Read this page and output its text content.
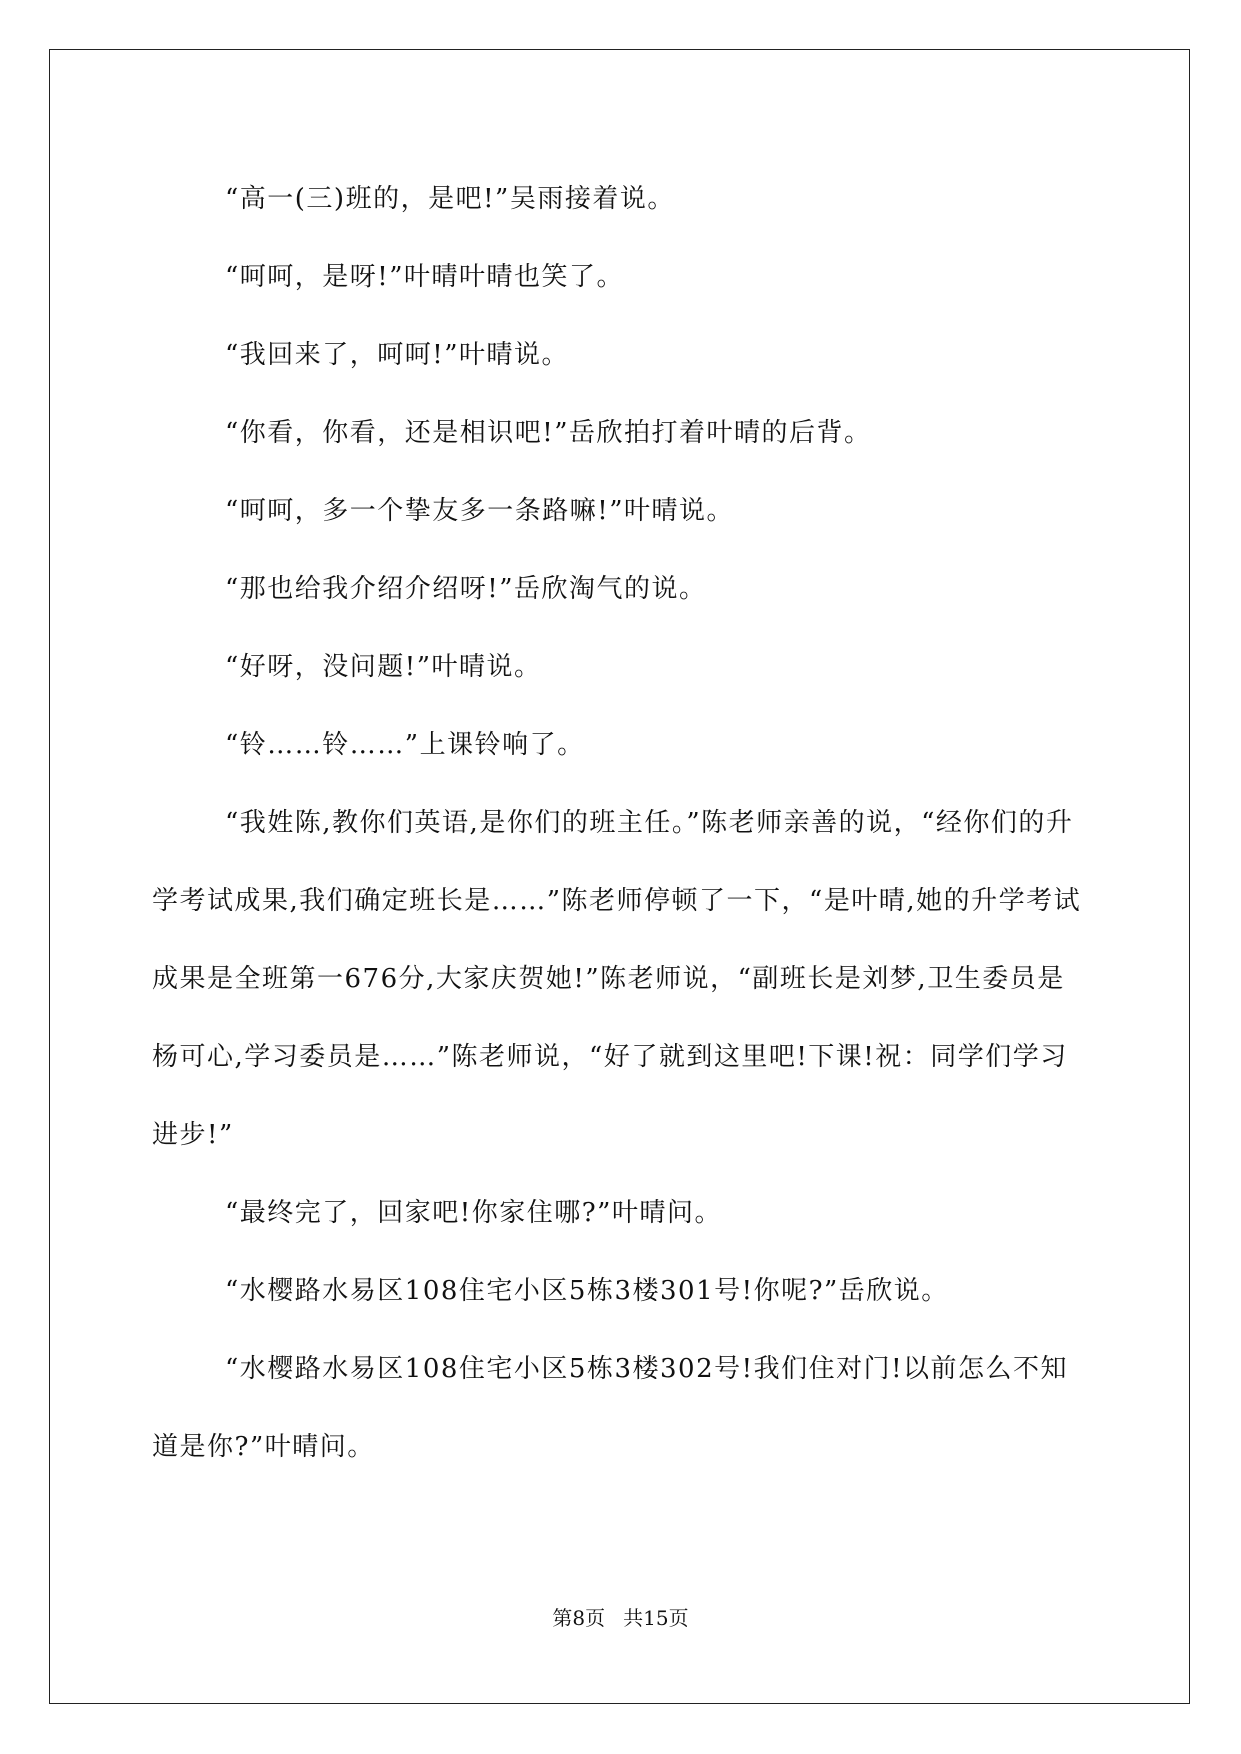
“高一(三)班的，是吧!”吴雨接着说。

“呵呵，是呀!”叶晴叶晴也笑了。

“我回来了，呵呵!”叶晴说。

“你看，你看，还是相识吧!”岳欣拍打着叶晴的后背。

“呵呵，多一个挚友多一条路嘛!”叶晴说。

“那也给我介绍介绍呀!”岳欣淘气的说。

“好呀，没问题!”叶晴说。

“铃……铃……”上课铃响了。

“我姓陈,教你们英语,是你们的班主任。”陈老师亲善的说，“经你们的升学考试成果,我们确定班长是……”陈老师停顿了一下，“是叶晴,她的升学考试成果是全班第一676分,大家庆贺她!”陈老师说，“副班长是刘梦,卫生委员是杨可心,学习委员是……”陈老师说，“好了就到这里吧!下课!祝：同学们学习进步!”

“最终完了，回家吧!你家住哪?”叶晴问。

“水樱路水易区108住宅小区5栋3楼301号!你呢?”岳欣说。

“水樱路水易区108住宅小区5栋3楼302号!我们住对门!以前怎么不知道是你?”叶晴问。

第8页 共15页
